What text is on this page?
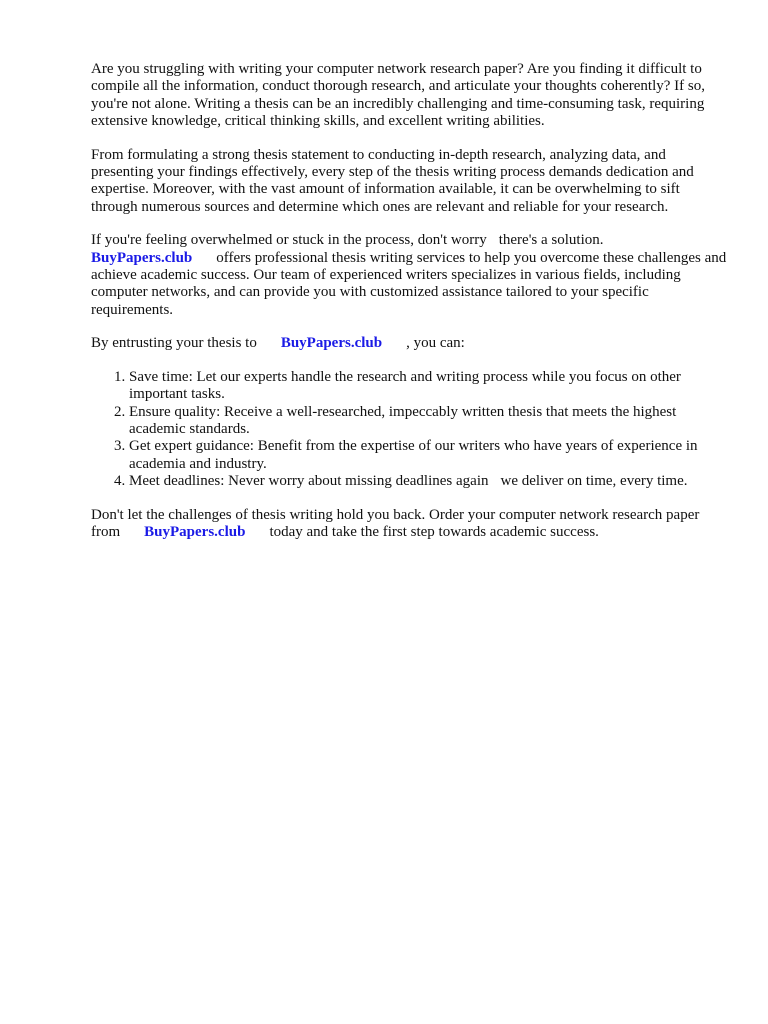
Are you struggling with writing your computer network research paper? Are you finding it difficult to compile all the information, conduct thorough research, and articulate your thoughts coherently? If so, you're not alone. Writing a thesis can be an incredibly challenging and time-consuming task, requiring extensive knowledge, critical thinking skills, and excellent writing abilities.

From formulating a strong thesis statement to conducting in-depth research, analyzing data, and presenting your findings effectively, every step of the thesis writing process demands dedication and expertise. Moreover, with the vast amount of information available, it can be overwhelming to sift through numerous sources and determine which ones are relevant and reliable for your research.

If you're feeling overwhelmed or stuck in the process, don't worry there's a solution.
BuyPapers.club offers professional thesis writing services to help you overcome these challenges and achieve academic success. Our team of experienced writers specializes in various fields, including computer networks, and can provide you with customized assistance tailored to your specific requirements.

By entrusting your thesis to BuyPapers.club , you can:

1. Save time: Let our experts handle the research and writing process while you focus on other important tasks.
2. Ensure quality: Receive a well-researched, impeccably written thesis that meets the highest academic standards.
3. Get expert guidance: Benefit from the expertise of our writers who have years of experience in academia and industry.
4. Meet deadlines: Never worry about missing deadlines again we deliver on time, every time.

Don't let the challenges of thesis writing hold you back. Order your computer network research paper from BuyPapers.club today and take the first step towards academic success.
